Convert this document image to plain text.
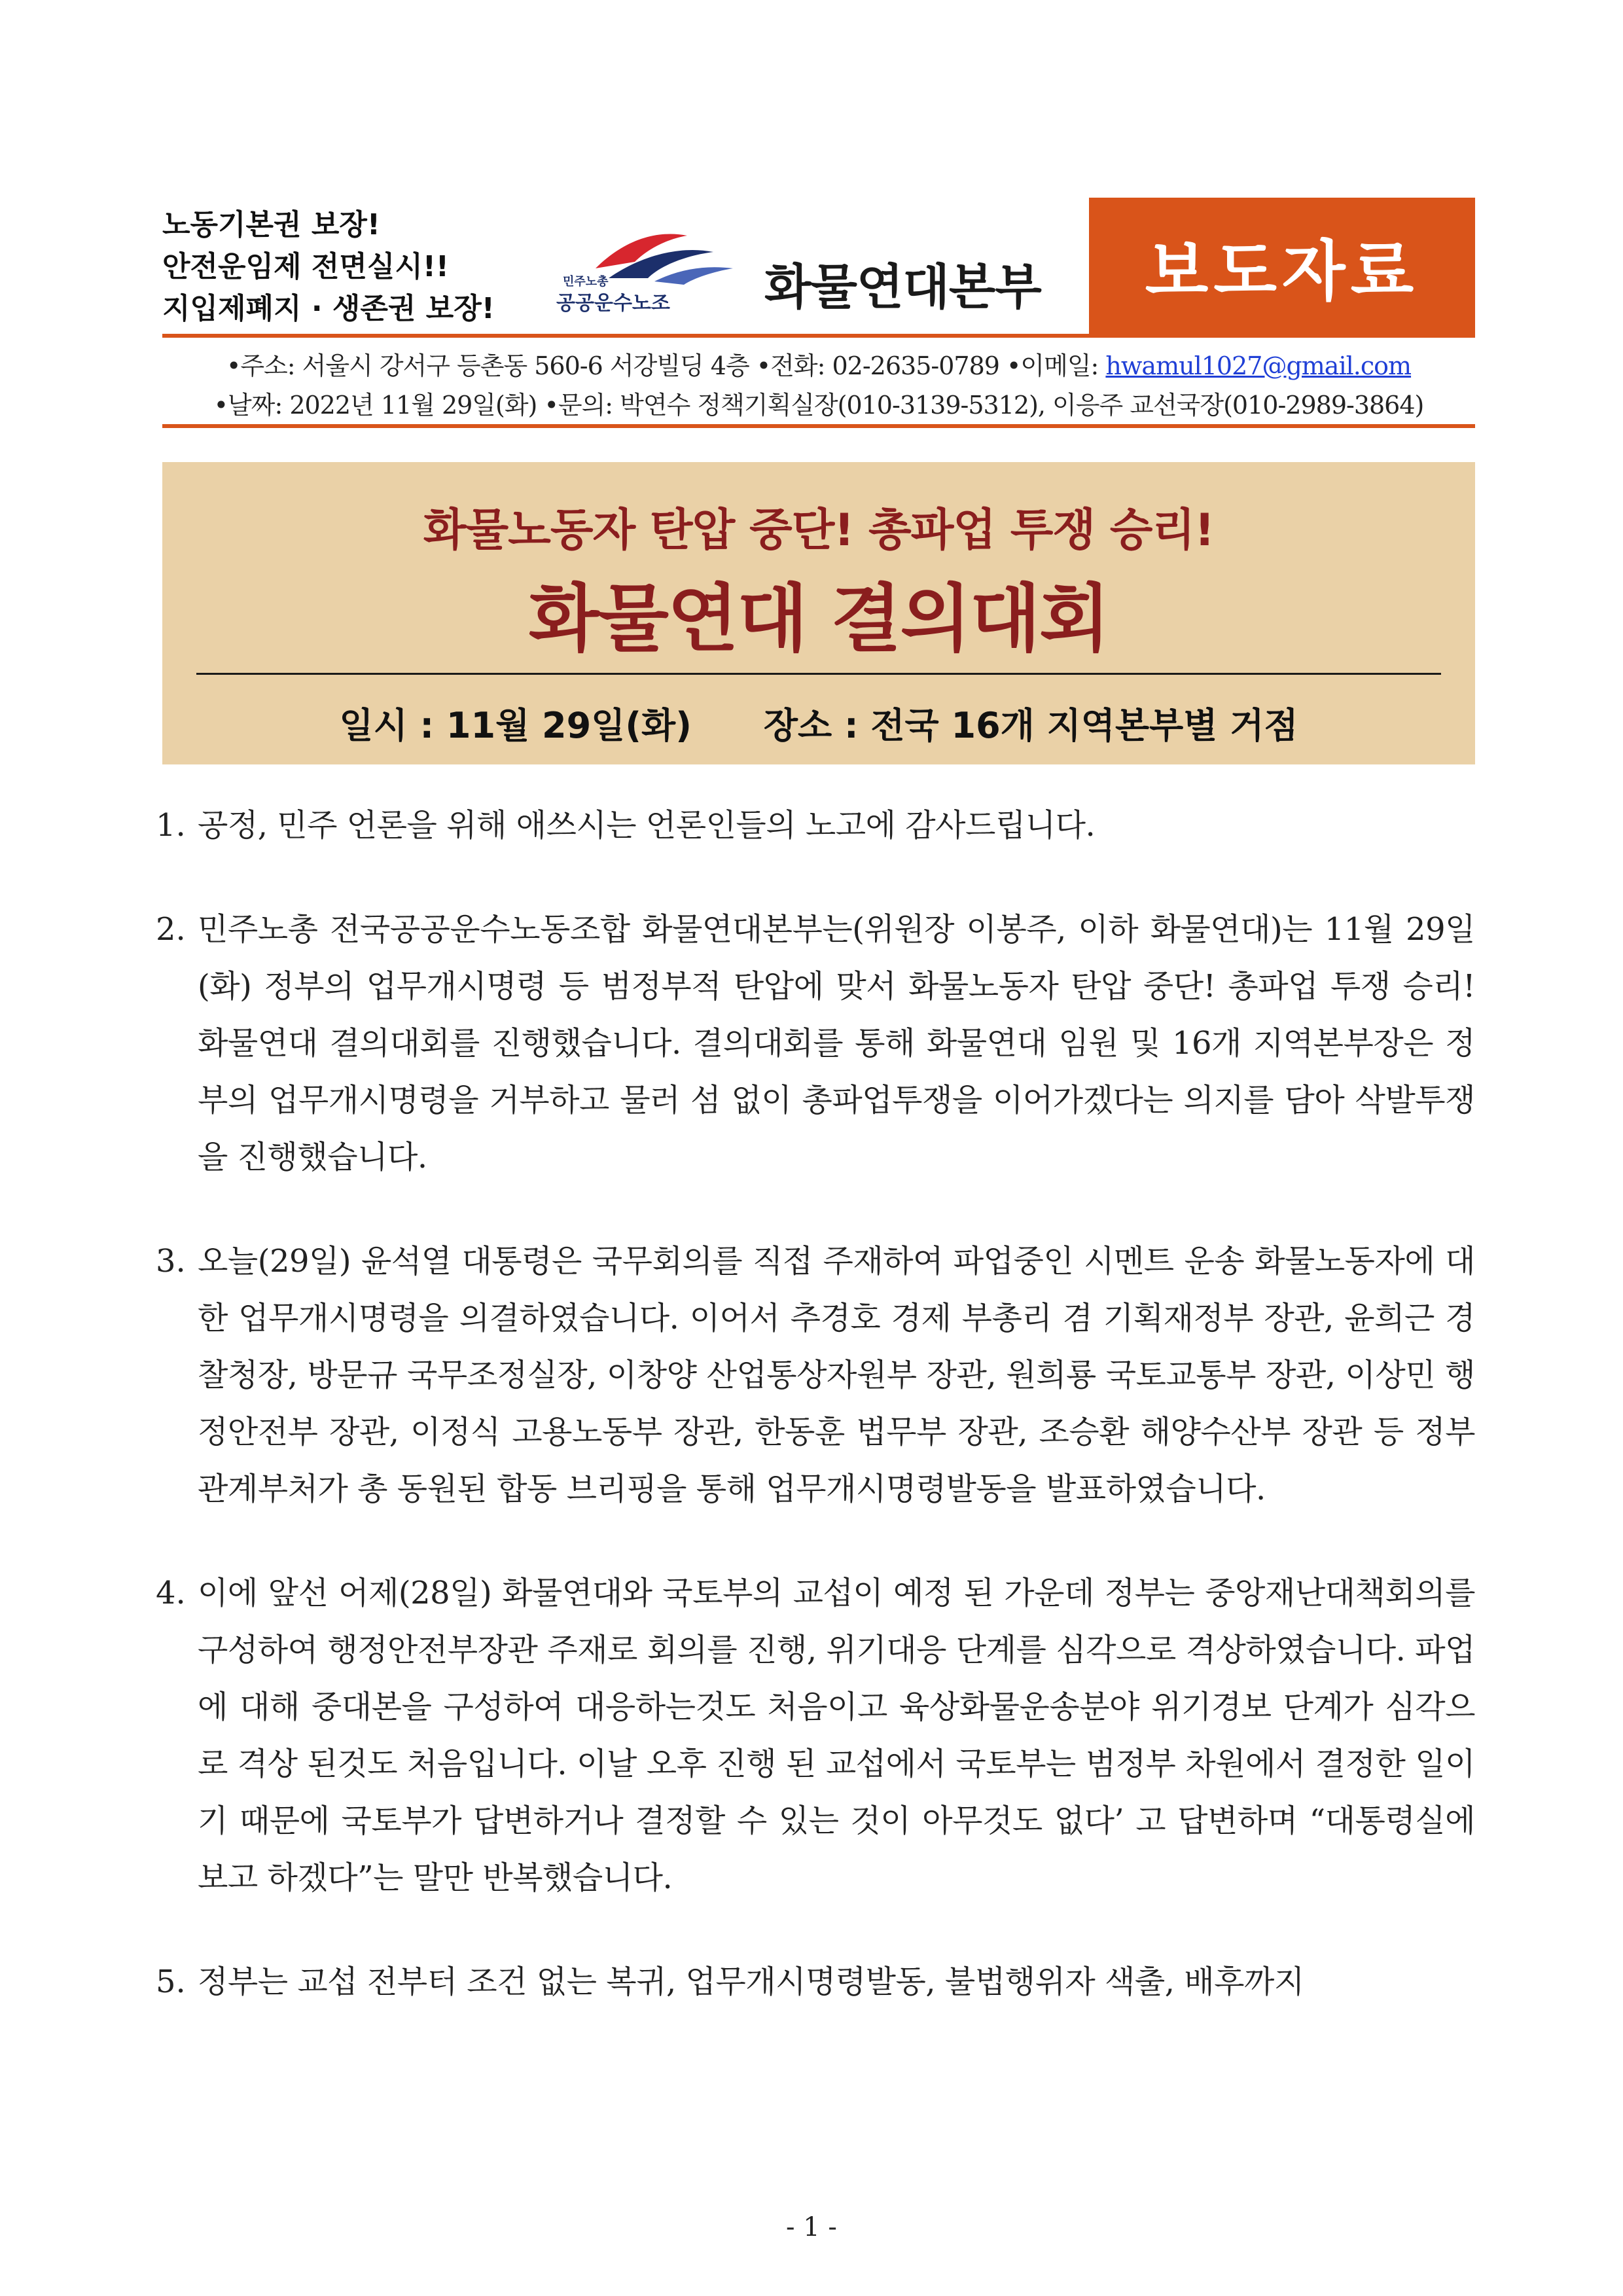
노동기본권 보장!
안전운임제 전면실시!!
지입제폐지 · 생존권 보장!
민주노총
공공운수노조 화물연대본부	보도자료
•주소: 서울시 강서구 등촌동 560-6 서강빌딩 4층 •전화: 02-2635-0789 •이메일: hwamul1027@gmail.com
•날짜: 2022년 11월 29일(화) •문의: 박연수 정책기획실장(010-3139-5312), 이응주 교선국장(010-2989-3864)
화물노동자 탄압 중단! 총파업 투쟁 승리!
화물연대 결의대회
일시 : 11월 29일(화) 장소 : 전국 16개 지역본부별 거점
1. 공정, 민주 언론을 위해 애쓰시는 언론인들의 노고에 감사드립니다.
2. 민주노총 전국공공운수노동조합 화물연대본부는(위원장 이봉주, 이하 화물연대)는 11월 29일(화) 정부의 업무개시명령 등 범정부적 탄압에 맞서 화물노동자 탄압 중단! 총파업 투쟁 승리! 화물연대 결의대회를 진행했습니다. 결의대회를 통해 화물연대 임원 및 16개 지역본부장은 정부의 업무개시명령을 거부하고 물러 섬 없이 총파업투쟁을 이어가겠다는 의지를 담아 삭발투쟁을 진행했습니다.
3. 오늘(29일) 윤석열 대통령은 국무회의를 직접 주재하여 파업중인 시멘트 운송 화물노동자에 대한 업무개시명령을 의결하였습니다. 이어서 추경호 경제 부총리 겸 기획재정부 장관, 윤희근 경찰청장, 방문규 국무조정실장, 이창양 산업통상자원부 장관, 원희룡 국토교통부 장관, 이상민 행정안전부 장관, 이정식 고용노동부 장관, 한동훈 법무부 장관, 조승환 해양수산부 장관 등 정부 관계부처가 총 동원된 합동 브리핑을 통해 업무개시명령발동을 발표하였습니다.
4. 이에 앞선 어제(28일) 화물연대와 국토부의 교섭이 예정 된 가운데 정부는 중앙재난대책회의를 구성하여 행정안전부장관 주재로 회의를 진행, 위기대응 단계를 심각으로 격상하였습니다. 파업에 대해 중대본을 구성하여 대응하는것도 처음이고 육상화물운송분야 위기경보 단계가 심각으로 격상 된것도 처음입니다. 이날 오후 진행 된 교섭에서 국토부는 범정부 차원에서 결정한 일이기 때문에 국토부가 답변하거나 결정할 수 있는 것이 아무것도 없다’ 고 답변하며 “대통령실에 보고 하겠다”는 말만 반복했습니다.
5. 정부는 교섭 전부터 조건 없는 복귀, 업무개시명령발동, 불법행위자 색출, 배후까지
- 1 -
